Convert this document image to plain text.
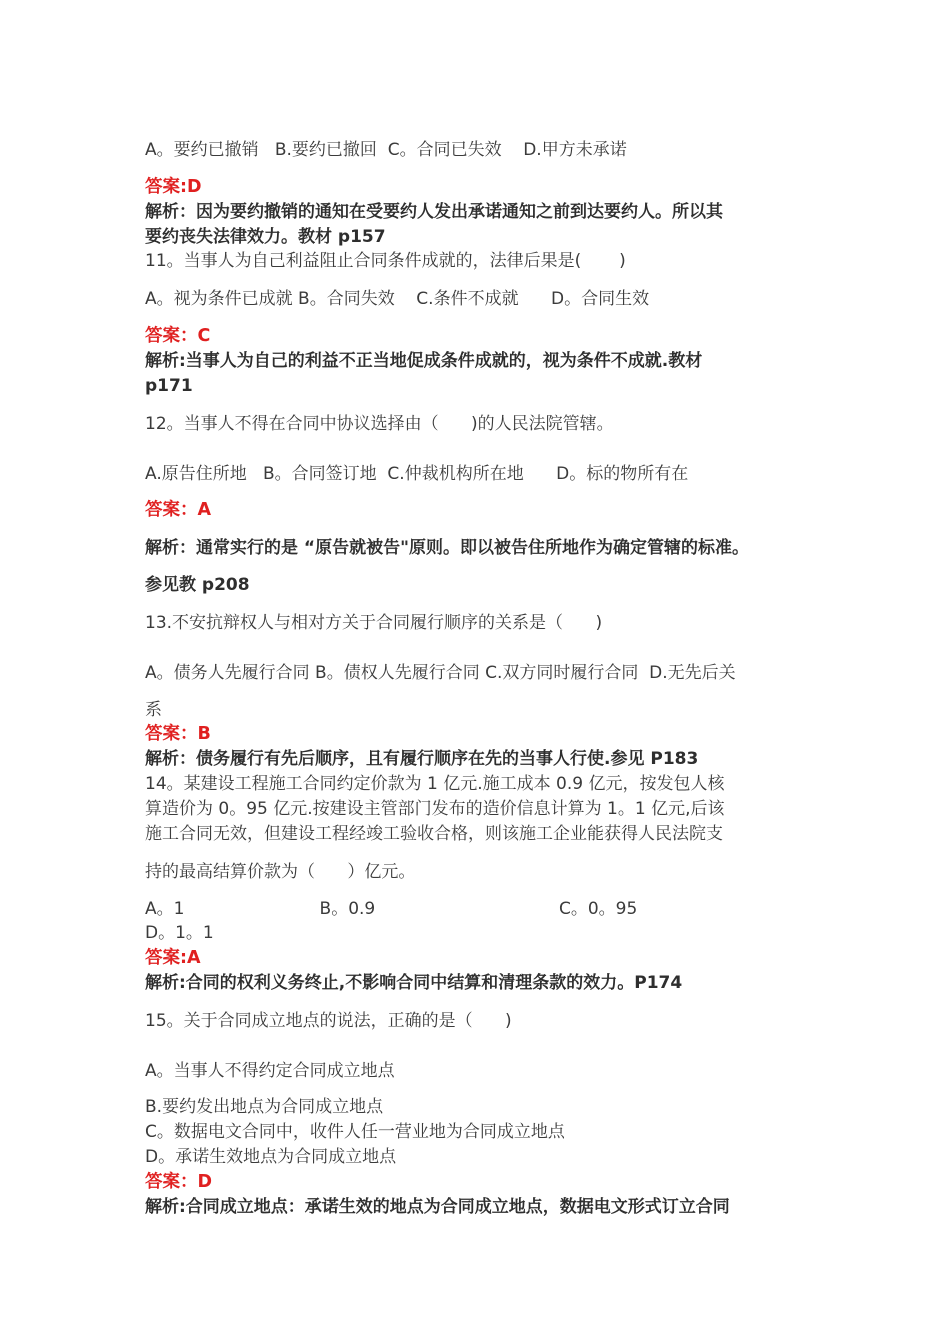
A。要约已撤销   B.要约已撤回  C。合同已失效    D.甲方未承诺
答案:D
解析：因为要约撤销的通知在受要约人发出承诺通知之前到达要约人。所以其
要约丧失法律效力。教材 p157
11。当事人为自己利益阻止合同条件成就的，法律后果是(       )
A。视为条件已成就 B。合同失效    C.条件不成就      D。合同生效
答案：C
解析:当事人为自己的利益不正当地促成条件成就的，视为条件不成就.教材
p171
12。当事人不得在合同中协议选择由（      )的人民法院管辖。
A.原告住所地   B。合同签订地  C.仲裁机构所在地      D。标的物所有在
答案：A
解析：通常实行的是 “原告就被告"原则。即以被告住所地作为确定管辖的标准。
参见教 p208
13.不安抗辩权人与相对方关于合同履行顺序的关系是（      )
A。债务人先履行合同 B。债权人先履行合同 C.双方同时履行合同  D.无先后关
系
答案：B
解析：债务履行有先后顺序，且有履行顺序在先的当事人行使.参见 P183
14。某建设工程施工合同约定价款为 1 亿元.施工成本 0.9 亿元，按发包人核
算造价为 0。95 亿元.按建设主管部门发布的造价信息计算为 1。1 亿元,后该
施工合同无效，但建设工程经竣工验收合格，则该施工企业能获得人民法院支
持的最高结算价款为（      ）亿元。
A。1                         B。0.9                                  C。0。95
D。1。1
答案:A
解析:合同的权利义务终止,不影响合同中结算和清理条款的效力。P174
15。关于合同成立地点的说法，正确的是（      )
A。当事人不得约定合同成立地点
B.要约发出地点为合同成立地点
C。数据电文合同中，收件人任一营业地为合同成立地点
D。承诺生效地点为合同成立地点
答案：D
解析:合同成立地点：承诺生效的地点为合同成立地点，数据电文形式订立合同
